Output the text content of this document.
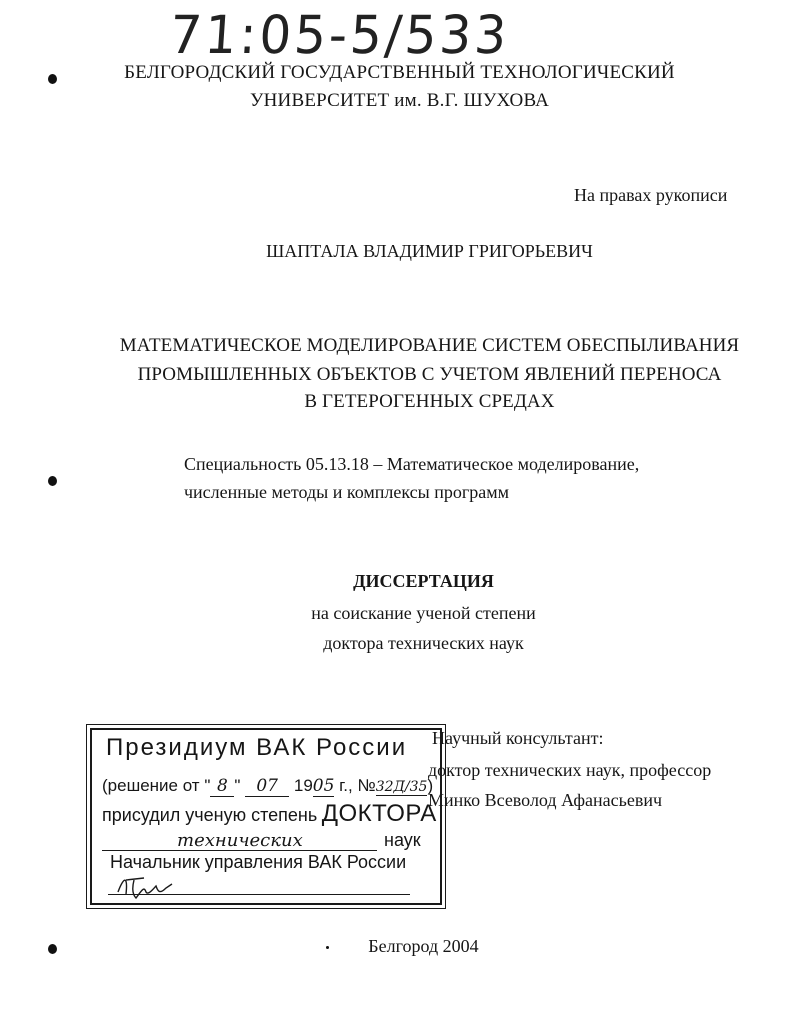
71:05-5/533
БЕЛГОРОДСКИЙ ГОСУДАРСТВЕННЫЙ ТЕХНОЛОГИЧЕСКИЙ
УНИВЕРСИТЕТ им. В.Г. ШУХОВА
На правах рукописи
ШАПТАЛА ВЛАДИМИР ГРИГОРЬЕВИЧ
МАТЕМАТИЧЕСКОЕ МОДЕЛИРОВАНИЕ СИСТЕМ ОБЕСПЫЛИВАНИЯ
ПРОМЫШЛЕННЫХ ОБЪЕКТОВ С УЧЕТОМ ЯВЛЕНИЙ ПЕРЕНОСА
В ГЕТЕРОГЕННЫХ СРЕДАХ
Специальность 05.13.18 – Математическое моделирование,
численные методы и комплексы программ
ДИССЕРТАЦИЯ
на соискание ученой степени
доктора технических наук
Научный консультант:
доктор технических наук, профессор
Минко Всеволод Афанасьевич
Президиум ВАК России
(решение от " 8 " 07 1905 г., №32Д/35)
присудил ученую степень ДОКТОРА
технических	наук
Начальник управления ВАК России
Белгород 2004
